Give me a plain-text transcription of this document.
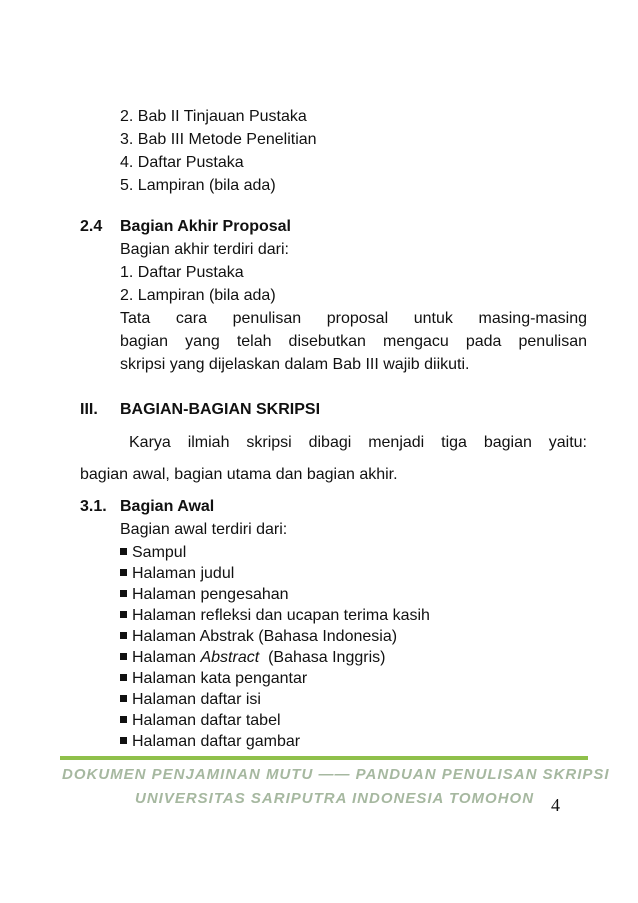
2. Bab II Tinjauan Pustaka
3. Bab III Metode Penelitian
4. Daftar Pustaka
5. Lampiran (bila ada)
2.4 Bagian Akhir Proposal
Bagian akhir terdiri dari:
1. Daftar Pustaka
2. Lampiran (bila ada)
Tata cara penulisan proposal untuk masing-masing
bagian yang telah disebutkan mengacu pada penulisan
skripsi yang dijelaskan dalam Bab III wajib diikuti.
III. BAGIAN-BAGIAN SKRIPSI
Karya ilmiah skripsi dibagi menjadi tiga bagian yaitu:
bagian awal, bagian utama dan bagian akhir.
3.1. Bagian Awal
Bagian awal terdiri dari:
Sampul
Halaman judul
Halaman pengesahan
Halaman refleksi dan ucapan terima kasih
Halaman Abstrak (Bahasa Indonesia)
Halaman Abstract  (Bahasa Inggris)
Halaman kata pengantar
Halaman daftar isi
Halaman daftar tabel
Halaman daftar gambar
DOKUMEN PENJAMINAN MUTU —— PANDUAN PENULISAN SKRIPSI
UNIVERSITAS SARIPUTRA INDONESIA TOMOHON 4
